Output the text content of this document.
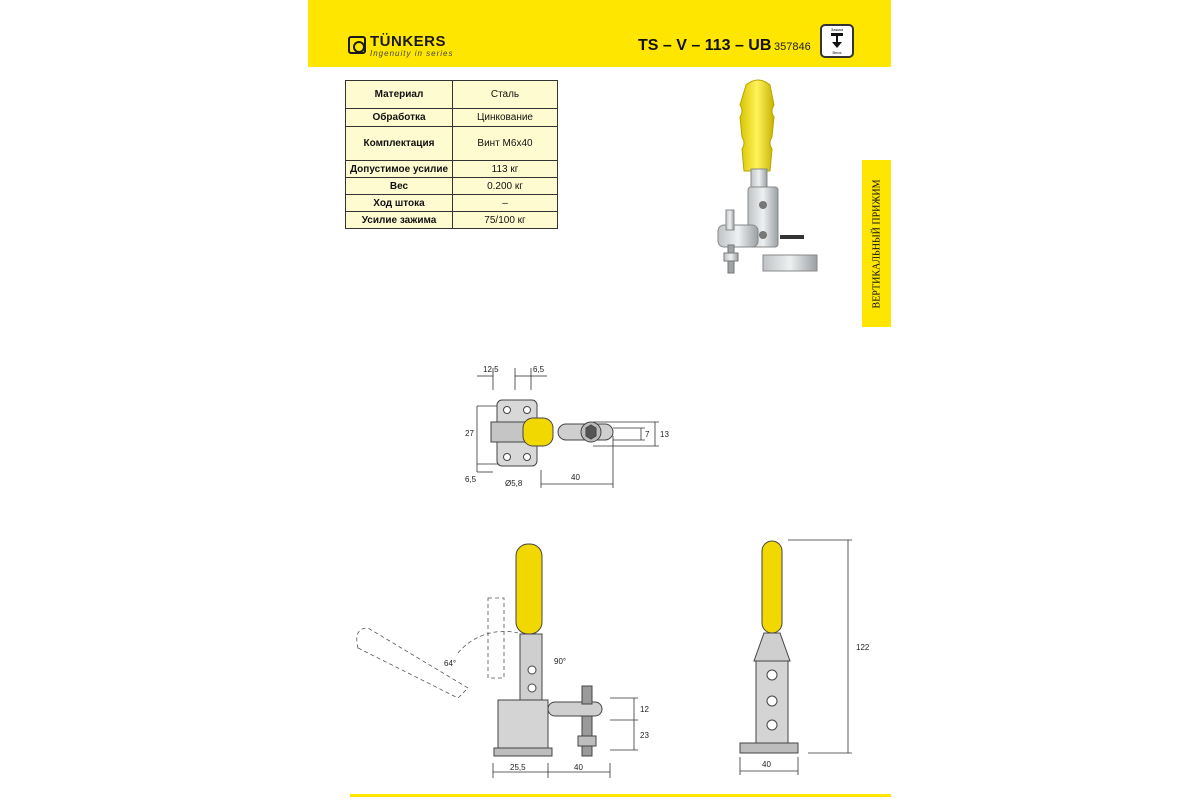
TÜNKERS
Ingenuity in series	TS – V – 113 – UB 357846
Зажим
Вниз
Материал	Сталь
Обработка	Цинкование
Комплектация	Винт М6х40
Допустимое усилие	113 кг
Вес	0.200 кг
Ход штока	–
Усилие зажима	75/100 кг	ВЕРТИКАЛЬНЫЙ ПРИЖИМ
12,5	6,5
27	7 13
6,5	Ø5,8
40
64°	90°
12
23
25,5	40
122
40
